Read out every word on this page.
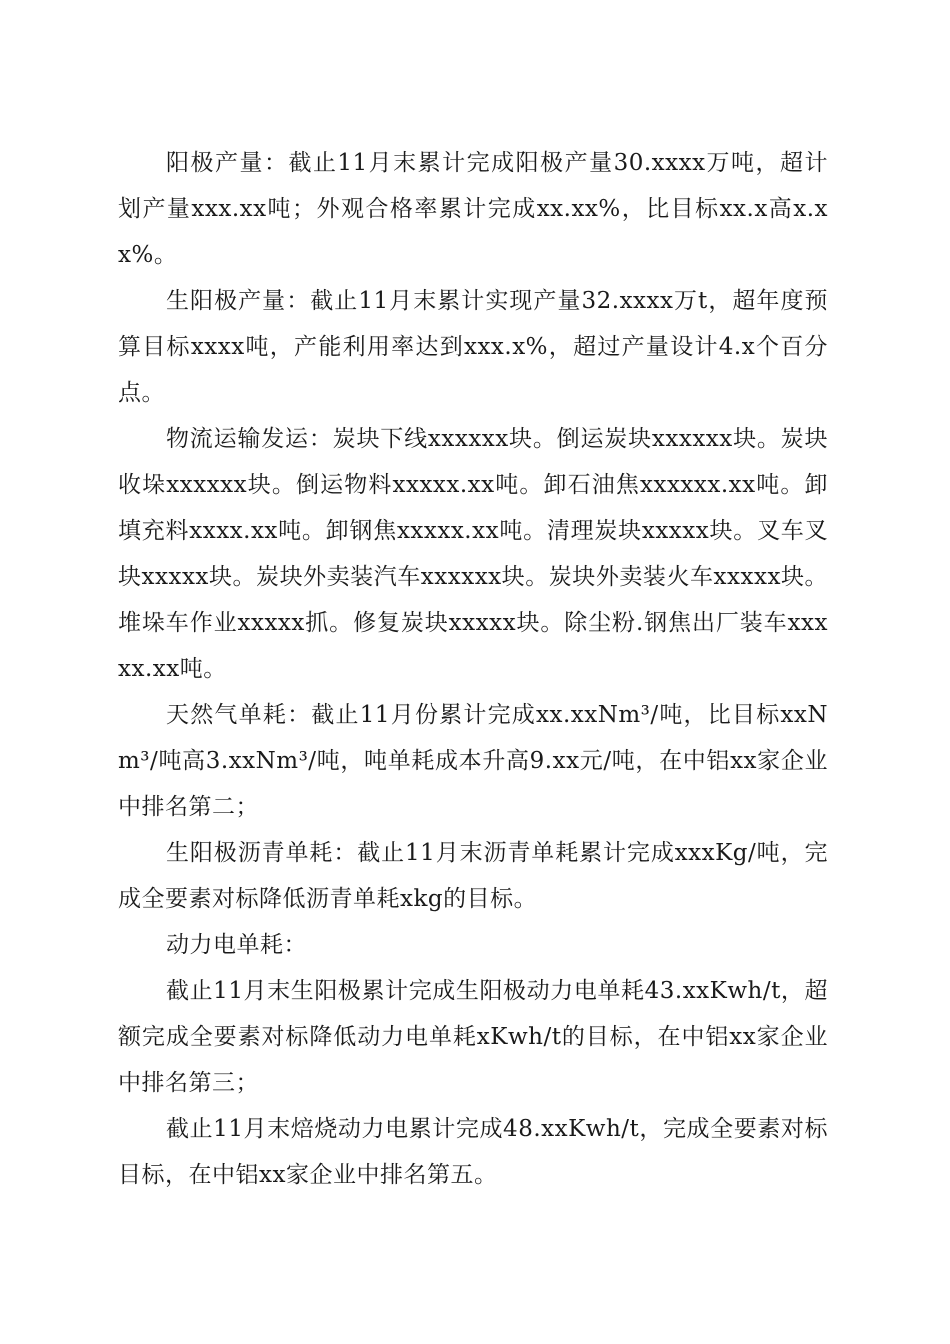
阳极产量：截止11月末累计完成阳极产量30.xxxx万吨，超计划产量xxx.xx吨；外观合格率累计完成xx.xx%，比目标xx.x高x.xx%。

生阳极产量：截止11月末累计实现产量32.xxxx万t，超年度预算目标xxxx吨，产能利用率达到xxx.x%，超过产量设计4.x个百分点。

物流运输发运：炭块下线xxxxxx块。倒运炭块xxxxxx块。炭块收垛xxxxxx块。倒运物料xxxxx.xx吨。卸石油焦xxxxxx.xx吨。卸填充料xxxx.xx吨。卸钢焦xxxxx.xx吨。清理炭块xxxxx块。叉车叉块xxxxx块。炭块外卖装汽车xxxxxx块。炭块外卖装火车xxxxx块。堆垛车作业xxxxx抓。修复炭块xxxxx块。除尘粉.钢焦出厂装车xxxxx.xx吨。

天然气单耗：截止11月份累计完成xx.xxNm³/吨，比目标xxNm³/吨高3.xxNm³/吨，吨单耗成本升高9.xx元/吨，在中铝xx家企业中排名第二；

生阳极沥青单耗：截止11月末沥青单耗累计完成xxxKg/吨，完成全要素对标降低沥青单耗xkg的目标。

动力电单耗：

截止11月末生阳极累计完成生阳极动力电单耗43.xxKwh/t，超额完成全要素对标降低动力电单耗xKwh/t的目标，在中铝xx家企业中排名第三；

截止11月末焙烧动力电累计完成48.xxKwh/t，完成全要素对标目标，在中铝xx家企业中排名第五。
